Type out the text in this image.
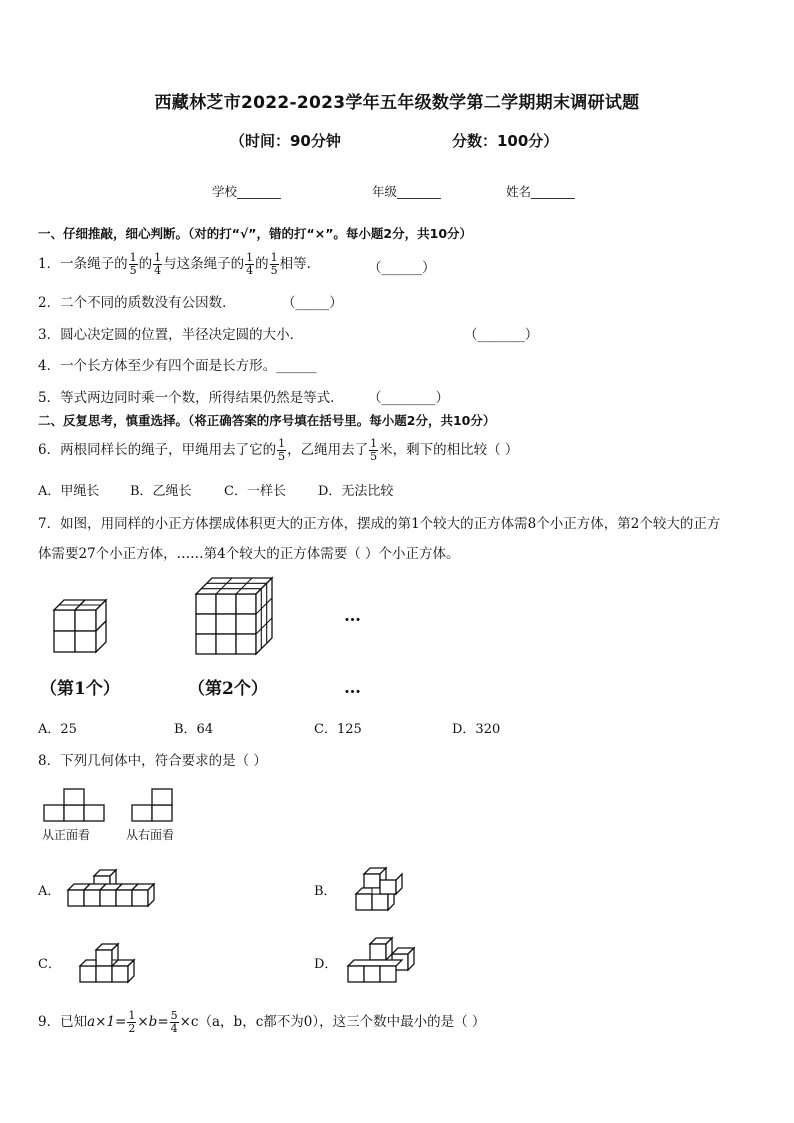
西藏林芝市2022-2023学年五年级数学第二学期期末调研试题
（时间：90分钟	分数：100分）
学校_______	年级_______	姓名_______
一、仔细推敲，细心判断。（对的打“√”，错的打“×”。每小题2分，共10分）
1．一条绳子的 $\frac{1}{5}$ 的 $\frac{1}{4}$ 与这条绳子的 $\frac{1}{4}$ 的 $\frac{1}{5}$ 相等．	（______）
2．二个不同的质数没有公因数．	（_____）
3．圆心决定圆的位置，半径决定圆的大小．	（_______）
4．一个长方体至少有四个面是长方形。______
5．等式两边同时乘一个数，所得结果仍然是等式． （________）
二、反复思考，慎重选择。（将正确答案的序号填在括号里。每小题2分，共10分）
6．两根同样长的绳子，甲绳用去了它的 $\frac{1}{5}$ ，乙绳用去了 $\frac{1}{5}$ 米，剩下的相比较（ ）
A．甲绳长 B．乙绳长 C．一样长 D．无法比较
7．如图，用同样的小正方体摆成体积更大的正方体，摆成的第1个较大的正方体需8个小正方体，第2个较大的正方
体需要27个小正方体，……第4个较大的正方体需要（ ）个小正方体。
…
（第1个）	（第2个）	…
A．25	B．64	C．125	D．320
8．下列几何体中，符合要求的是（ ）
从正面看	从右面看
A．	B．
C．	D．
9．已知$a\times 1= \frac{1}{2} \times b= \frac{5}{4} \times c(a$，b，c都不为0），这三个数中最小的是（ ）
